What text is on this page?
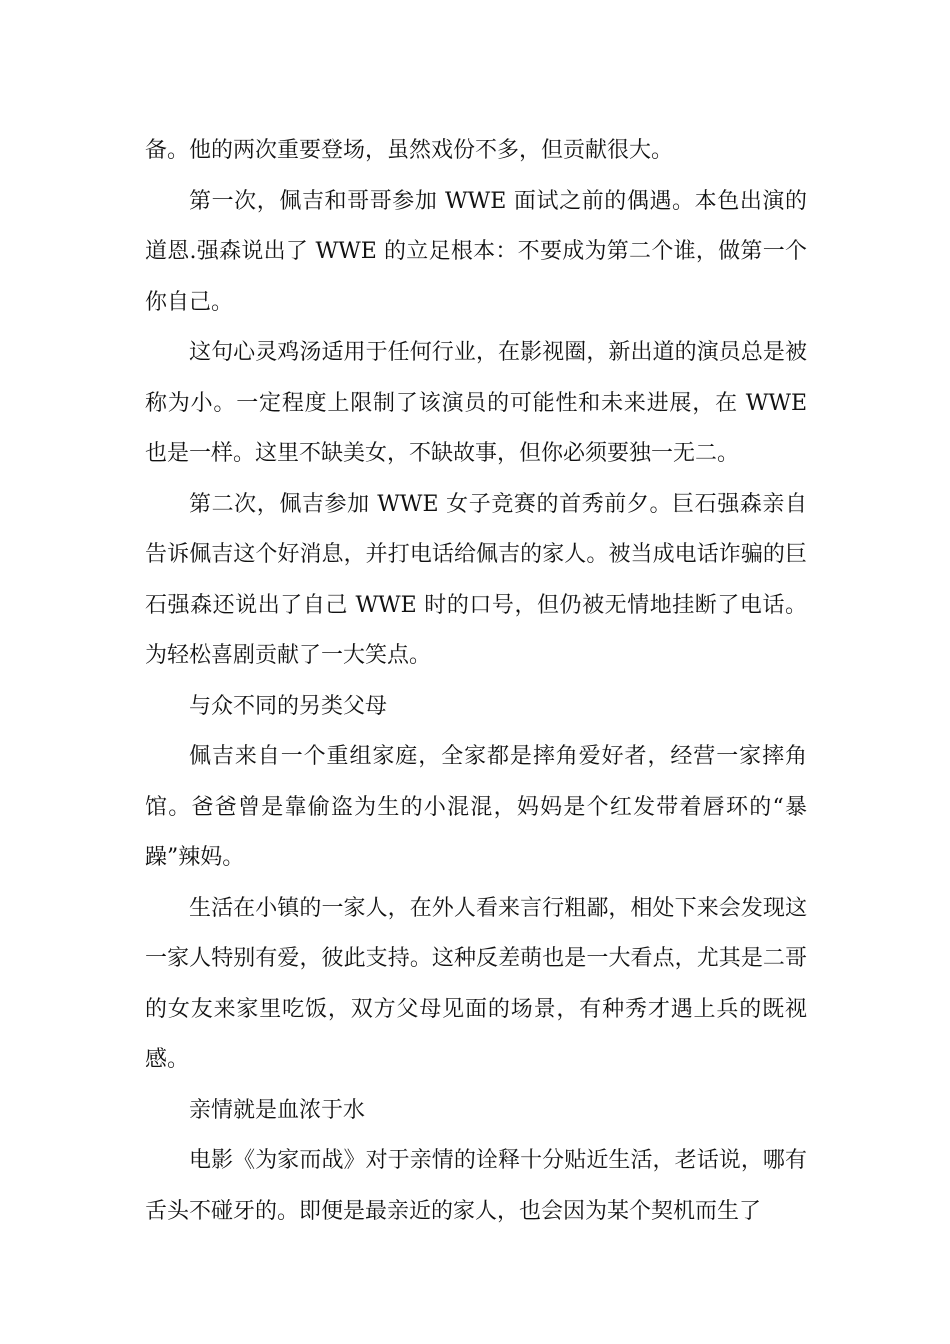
备。他的两次重要登场，虽然戏份不多，但贡献很大。

第一次，佩吉和哥哥参加 WWE 面试之前的偶遇。本色出演的道恩.强森说出了 WWE 的立足根本：不要成为第二个谁，做第一个你自己。

这句心灵鸡汤适用于任何行业，在影视圈，新出道的演员总是被称为小。一定程度上限制了该演员的可能性和未来进展，在 WWE 也是一样。这里不缺美女，不缺故事，但你必须要独一无二。

第二次，佩吉参加 WWE 女子竞赛的首秀前夕。巨石强森亲自告诉佩吉这个好消息，并打电话给佩吉的家人。被当成电话诈骗的巨石强森还说出了自己 WWE 时的口号，但仍被无情地挂断了电话。为轻松喜剧贡献了一大笑点。

与众不同的另类父母

佩吉来自一个重组家庭，全家都是摔角爱好者，经营一家摔角馆。爸爸曾是靠偷盗为生的小混混，妈妈是个红发带着唇环的“暴躁”辣妈。

生活在小镇的一家人，在外人看来言行粗鄙，相处下来会发现这一家人特别有爱，彼此支持。这种反差萌也是一大看点，尤其是二哥的女友来家里吃饭，双方父母见面的场景，有种秀才遇上兵的既视感。

亲情就是血浓于水

电影《为家而战》对于亲情的诠释十分贴近生活，老话说，哪有舌头不碰牙的。即便是最亲近的家人，也会因为某个契机而生了
